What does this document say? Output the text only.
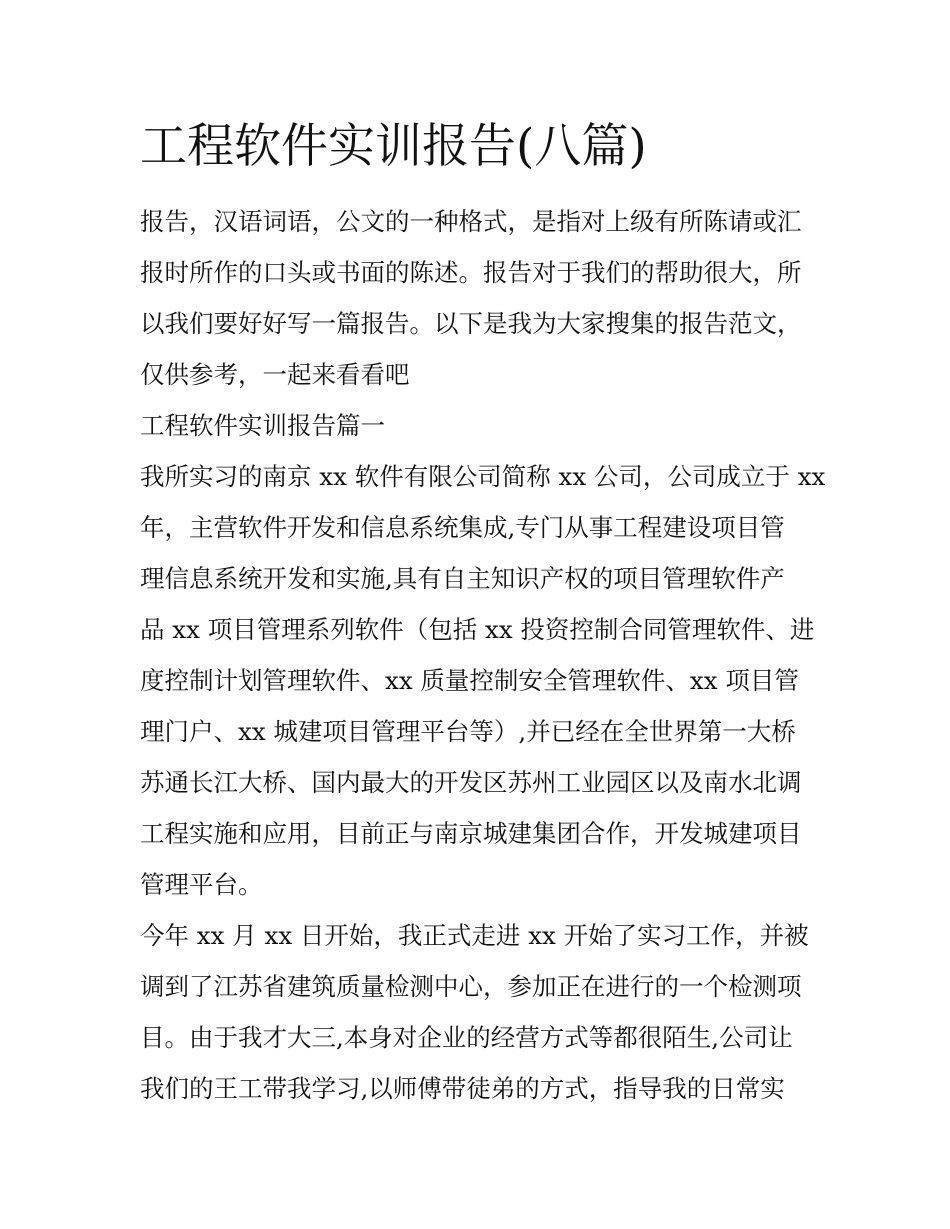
工程软件实训报告(八篇)
报告，汉语词语，公文的一种格式，是指对上级有所陈请或汇
报时所作的口头或书面的陈述。报告对于我们的帮助很大，所
以我们要好好写一篇报告。以下是我为大家搜集的报告范文，
仅供参考，一起来看看吧
工程软件实训报告篇一
我所实习的南京 xx 软件有限公司简称 xx 公司，公司成立于 xx
年，主营软件开发和信息系统集成,专门从事工程建设项目管
理信息系统开发和实施,具有自主知识产权的项目管理软件产
品 xx 项目管理系列软件（包括 xx 投资控制合同管理软件、进
度控制计划管理软件、xx 质量控制安全管理软件、xx 项目管
理门户、xx 城建项目管理平台等）,并已经在全世界第一大桥
苏通长江大桥、国内最大的开发区苏州工业园区以及南水北调
工程实施和应用，目前正与南京城建集团合作，开发城建项目
管理平台。
今年 xx 月 xx 日开始，我正式走进 xx 开始了实习工作，并被
调到了江苏省建筑质量检测中心，参加正在进行的一个检测项
目。由于我才大三,本身对企业的经营方式等都很陌生,公司让
我们的王工带我学习,以师傅带徒弟的方式，指导我的日常实
